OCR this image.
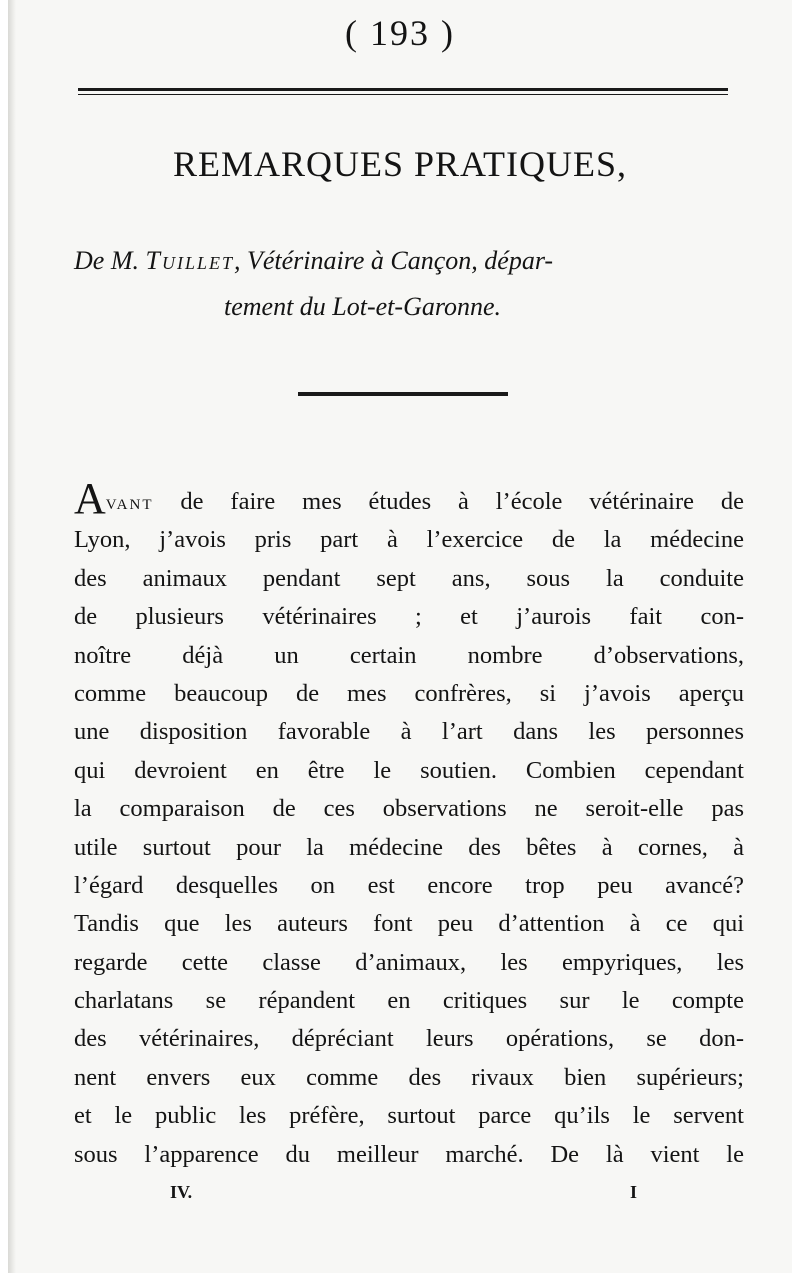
( 193 )
REMARQUES PRATIQUES,
De M. Tuillet, Vétérinaire à Cançon, dépar-
tement du Lot-et-Garonne.
AVANT de faire mes études à l’école vétérinaire de
Lyon, j’avois pris part à l’exercice de la médecine
des animaux pendant sept ans, sous la conduite
de plusieurs vétérinaires ; et j’aurois fait con-
noître déjà un certain nombre d’observations,
comme beaucoup de mes confrères, si j’avois aperçu
une disposition favorable à l’art dans les personnes
qui devroient en être le soutien. Combien cependant
la comparaison de ces observations ne seroit-elle pas
utile surtout pour la médecine des bêtes à cornes, à
l’égard desquelles on est encore trop peu avancé?
Tandis que les auteurs font peu d’attention à ce qui
regarde cette classe d’animaux, les empyriques, les
charlatans se répandent en critiques sur le compte
des vétérinaires, dépréciant leurs opérations, se don-
nent envers eux comme des rivaux bien supérieurs;
et le public les préfère, surtout parce qu’ils le servent
sous l’apparence du meilleur marché. De là vient le
IV.	I
